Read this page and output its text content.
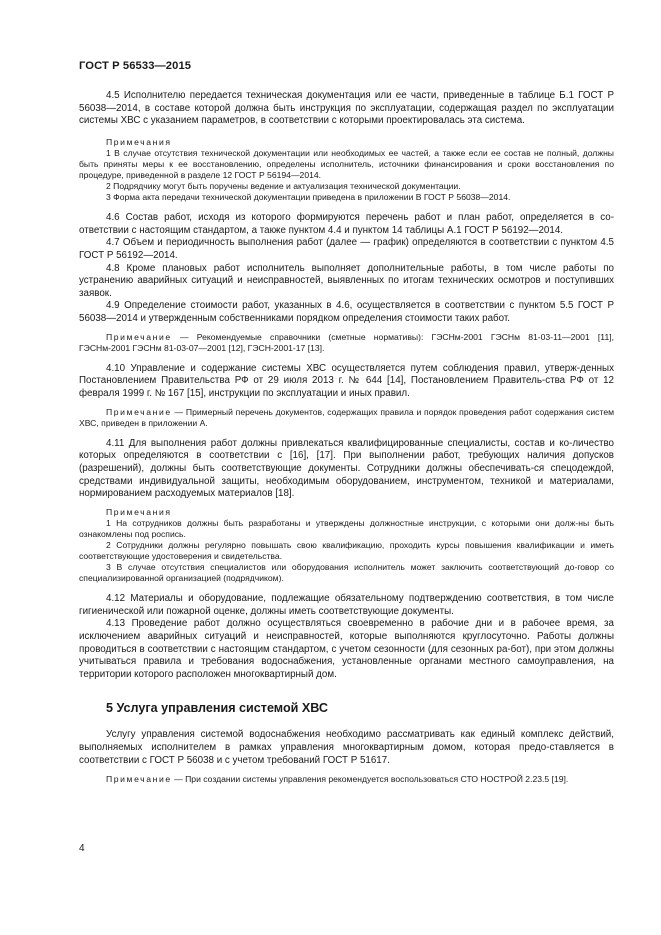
ГОСТ Р 56533—2015

4.5 Исполнителю передается техническая документация или ее части, приведенные в таблице Б.1 ГОСТ Р 56038—2014, в составе которой должна быть инструкция по эксплуатации, содержащая раздел по эксплуатации системы ХВС с указанием параметров, в соответствии с которыми проектировалась эта система.

Примечания

1 В случае отсутствия технической документации или необходимых ее частей, а также если ее состав не полный, должны быть приняты меры к ее восстановлению, определены исполнитель, источники финансирования и сроки восстановления по процедуре, приведенной в разделе 12 ГОСТ Р 56194—2014.

2 Подрядчику могут быть поручены ведение и актуализация технической документации.

3 Форма акта передачи технической документации приведена в приложении В ГОСТ Р 56038—2014.

4.6 Состав работ, исходя из которого формируются перечень работ и план работ, определяется в со-ответствии с настоящим стандартом, а также пунктом 4.4 и пунктом 14 таблицы А.1 ГОСТ Р 56192—2014.

4.7 Объем и периодичность выполнения работ (далее — график) определяются в соответствии с пунктом 4.5 ГОСТ Р 56192—2014.

4.8 Кроме плановых работ исполнитель выполняет дополнительные работы, в том числе работы по устранению аварийных ситуаций и неисправностей, выявленных по итогам технических осмотров и поступивших заявок.

4.9 Определение стоимости работ, указанных в 4.6, осуществляется в соответствии с пунктом 5.5 ГОСТ Р 56038—2014 и утвержденным собственниками порядком определения стоимости таких работ.

Примечание — Рекомендуемые справочники (сметные нормативы): ГЭСНм-2001 ГЭСНм 81-03-11—2001 [11], ГЭСНм-2001 ГЭСНм 81-03-07—2001 [12], ГЭСН-2001-17 [13].

4.10 Управление и содержание системы ХВС осуществляется путем соблюдения правил, утверж-денных Постановлением Правительства РФ от 29 июля 2013 г. № 644 [14], Постановлением Правитель-ства РФ от 12 февраля 1999 г. № 167 [15], инструкции по эксплуатации и иных правил.

Примечание — Примерный перечень документов, содержащих правила и порядок проведения работ содержания систем ХВС, приведен в приложении А.

4.11 Для выполнения работ должны привлекаться квалифицированные специалисты, состав и ко-личество которых определяются в соответствии с [16], [17]. При выполнении работ, требующих наличия допусков (разрешений), должны быть соответствующие документы. Сотрудники должны обеспечивать-ся спецодеждой, средствами индивидуальной защиты, необходимым оборудованием, инструментом, техникой и материалами, нормированием расходуемых материалов [18].

Примечания

1 На сотрудников должны быть разработаны и утверждены должностные инструкции, с которыми они долж-ны быть ознакомлены под роспись.

2 Сотрудники должны регулярно повышать свою квалификацию, проходить курсы повышения квалификации и иметь соответствующие удостоверения и свидетельства.

3 В случае отсутствия специалистов или оборудования исполнитель может заключить соответствующий до-говор со специализированной организацией (подрядчиком).

4.12 Материалы и оборудование, подлежащие обязательному подтверждению соответствия, в том числе гигиенической или пожарной оценке, должны иметь соответствующие документы.

4.13 Проведение работ должно осуществляться своевременно в рабочие дни и в рабочее время, за исключением аварийных ситуаций и неисправностей, которые выполняются круглосуточно. Работы должны проводиться в соответствии с настоящим стандартом, с учетом сезонности (для сезонных ра-бот), при этом должны учитываться правила и требования водоснабжения, установленные органами местного самоуправления, на территории которого расположен многоквартирный дом.

5 Услуга управления системой ХВС

Услугу управления системой водоснабжения необходимо рассматривать как единый комплекс действий, выполняемых исполнителем в рамках управления многоквартирным домом, которая предо-ставляется в соответствии с ГОСТ Р 56038 и с учетом требований ГОСТ Р 51617.

Примечание — При создании системы управления рекомендуется воспользоваться СТО НОСТРОЙ 2.23.5 [19].

4
